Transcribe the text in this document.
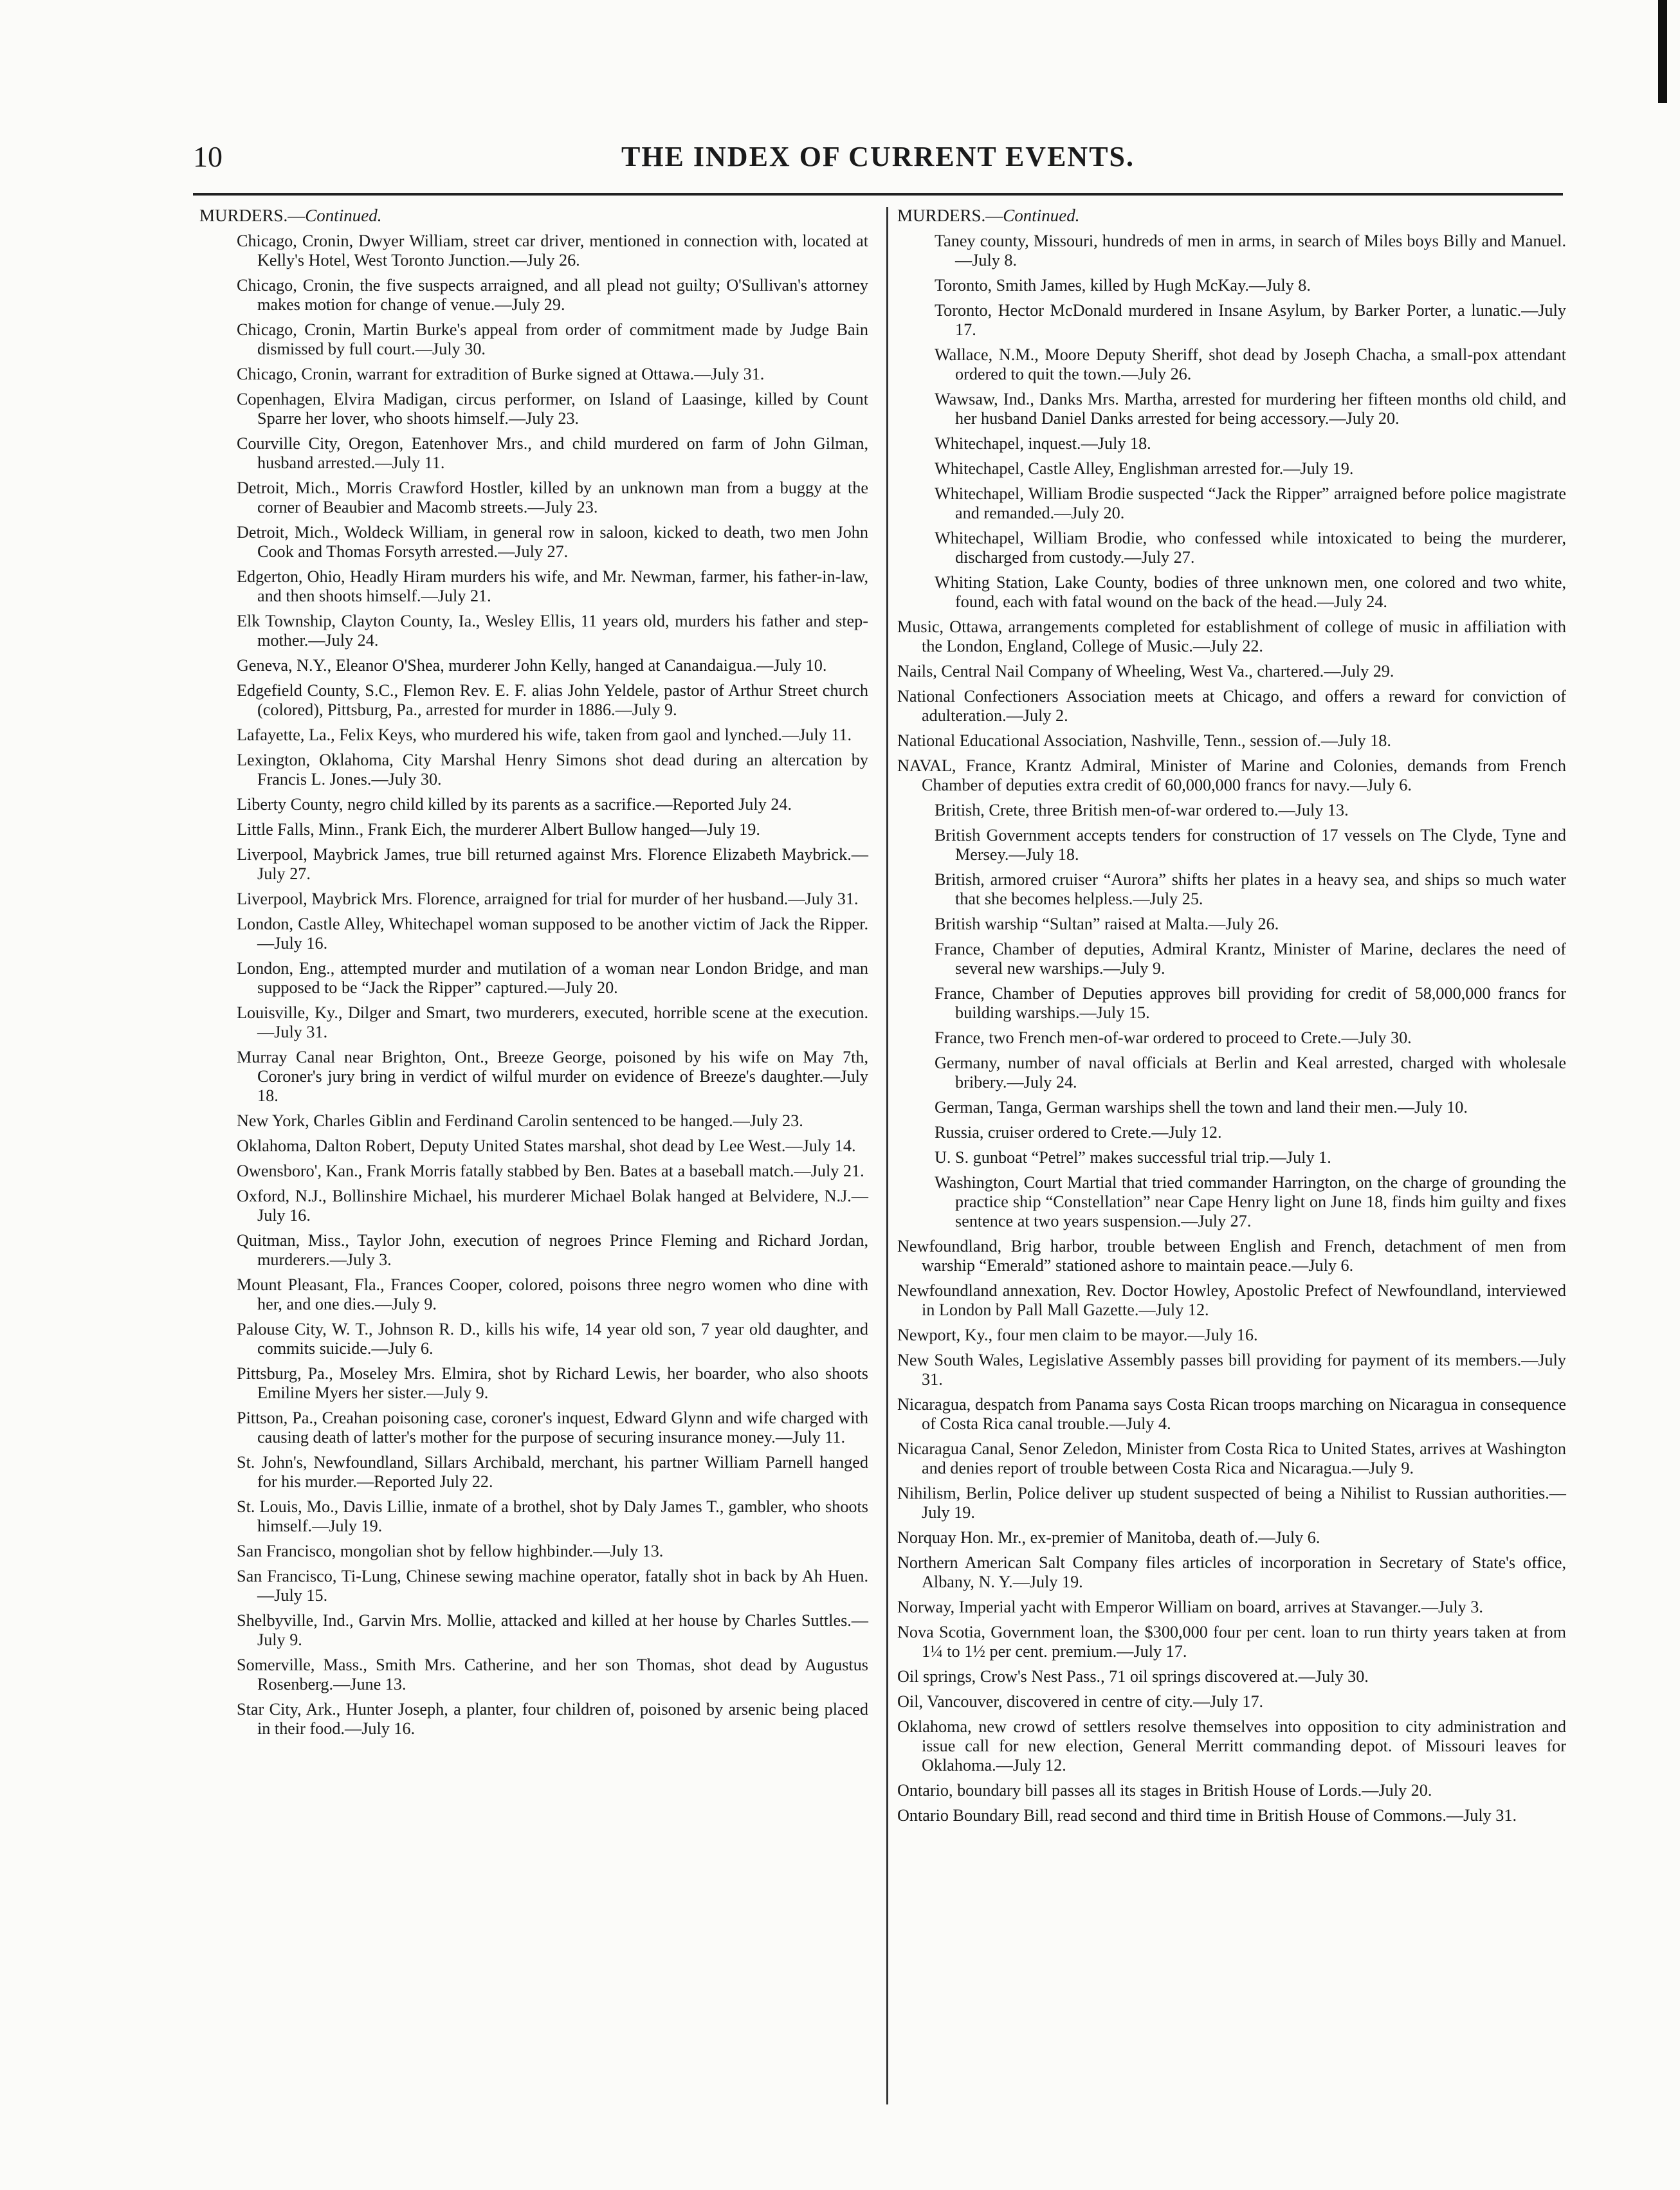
10	THE INDEX OF CURRENT EVENTS.
MURDERS.—Continued.

Chicago, Cronin, Dwyer William, street car driver, mentioned in connection with, located at Kelly's Hotel, West Toronto Junction.—July 26.

Chicago, Cronin, the five suspects arraigned, and all plead not guilty; O'Sullivan's attorney makes motion for change of venue.—July 29.

Chicago, Cronin, Martin Burke's appeal from order of commitment made by Judge Bain dismissed by full court.—July 30.

Chicago, Cronin, warrant for extradition of Burke signed at Ottawa.—July 31.

Copenhagen, Elvira Madigan, circus performer, on Island of Laasinge, killed by Count Sparre her lover, who shoots himself.—July 23.

Courville City, Oregon, Eatenhover Mrs., and child murdered on farm of John Gilman, husband arrested.—July 11.

Detroit, Mich., Morris Crawford Hostler, killed by an unknown man from a buggy at the corner of Beaubier and Macomb streets.—July 23.

Detroit, Mich., Woldeck William, in general row in saloon, kicked to death, two men John Cook and Thomas Forsyth arrested.—July 27.

Edgerton, Ohio, Headly Hiram murders his wife, and Mr. Newman, farmer, his father-in-law, and then shoots himself.—July 21.

Elk Township, Clayton County, Ia., Wesley Ellis, 11 years old, murders his father and step-mother.—July 24.

Geneva, N.Y., Eleanor O'Shea, murderer John Kelly, hanged at Canandaigua.—July 10.

Edgefield County, S.C., Flemon Rev. E. F. alias John Yeldele, pastor of Arthur Street church (colored), Pittsburg, Pa., arrested for murder in 1886.—July 9.

Lafayette, La., Felix Keys, who murdered his wife, taken from gaol and lynched.—July 11.

Lexington, Oklahoma, City Marshal Henry Simons shot dead during an altercation by Francis L. Jones.—July 30.

Liberty County, negro child killed by its parents as a sacrifice.—Reported July 24.

Little Falls, Minn., Frank Eich, the murderer Albert Bullow hanged—July 19.

Liverpool, Maybrick James, true bill returned against Mrs. Florence Elizabeth Maybrick.—July 27.

Liverpool, Maybrick Mrs. Florence, arraigned for trial for murder of her husband.—July 31.

London, Castle Alley, Whitechapel woman supposed to be another victim of Jack the Ripper.—July 16.

London, Eng., attempted murder and mutilation of a woman near London Bridge, and man supposed to be “Jack the Ripper” captured.—July 20.

Louisville, Ky., Dilger and Smart, two murderers, executed, horrible scene at the execution.—July 31.

Murray Canal near Brighton, Ont., Breeze George, poisoned by his wife on May 7th, Coroner's jury bring in verdict of wilful murder on evidence of Breeze's daughter.—July 18.

New York, Charles Giblin and Ferdinand Carolin sentenced to be hanged.—July 23.

Oklahoma, Dalton Robert, Deputy United States marshal, shot dead by Lee West.—July 14.

Owensboro', Kan., Frank Morris fatally stabbed by Ben. Bates at a baseball match.—July 21.

Oxford, N.J., Bollinshire Michael, his murderer Michael Bolak hanged at Belvidere, N.J.—July 16.

Quitman, Miss., Taylor John, execution of negroes Prince Fleming and Richard Jordan, murderers.—July 3.

Mount Pleasant, Fla., Frances Cooper, colored, poisons three negro women who dine with her, and one dies.—July 9.

Palouse City, W. T., Johnson R. D., kills his wife, 14 year old son, 7 year old daughter, and commits suicide.—July 6.

Pittsburg, Pa., Moseley Mrs. Elmira, shot by Richard Lewis, her boarder, who also shoots Emiline Myers her sister.—July 9.

Pittson, Pa., Creahan poisoning case, coroner's inquest, Edward Glynn and wife charged with causing death of latter's mother for the purpose of securing insurance money.—July 11.

St. John's, Newfoundland, Sillars Archibald, merchant, his partner William Parnell hanged for his murder.—Reported July 22.

St. Louis, Mo., Davis Lillie, inmate of a brothel, shot by Daly James T., gambler, who shoots himself.—July 19.

San Francisco, mongolian shot by fellow highbinder.—July 13.

San Francisco, Ti-Lung, Chinese sewing machine operator, fatally shot in back by Ah Huen.—July 15.

Shelbyville, Ind., Garvin Mrs. Mollie, attacked and killed at her house by Charles Suttles.—July 9.

Somerville, Mass., Smith Mrs. Catherine, and her son Thomas, shot dead by Augustus Rosenberg.—June 13.

Star City, Ark., Hunter Joseph, a planter, four children of, poisoned by arsenic being placed in their food.—July 16.

MURDERS.—Continued.

Taney county, Missouri, hundreds of men in arms, in search of Miles boys Billy and Manuel.—July 8.

Toronto, Smith James, killed by Hugh McKay.—July 8.

Toronto, Hector McDonald murdered in Insane Asylum, by Barker Porter, a lunatic.—July 17.

Wallace, N.M., Moore Deputy Sheriff, shot dead by Joseph Chacha, a small-pox attendant ordered to quit the town.—July 26.

Wawsaw, Ind., Danks Mrs. Martha, arrested for murdering her fifteen months old child, and her husband Daniel Danks arrested for being accessory.—July 20.

Whitechapel, inquest.—July 18.

Whitechapel, Castle Alley, Englishman arrested for.—July 19.

Whitechapel, William Brodie suspected “Jack the Ripper” arraigned before police magistrate and remanded.—July 20.

Whitechapel, William Brodie, who confessed while intoxicated to being the murderer, discharged from custody.—July 27.

Whiting Station, Lake County, bodies of three unknown men, one colored and two white, found, each with fatal wound on the back of the head.—July 24.

Music, Ottawa, arrangements completed for establishment of college of music in affiliation with the London, England, College of Music.—July 22.

Nails, Central Nail Company of Wheeling, West Va., chartered.—July 29.

National Confectioners Association meets at Chicago, and offers a reward for conviction of adulteration.—July 2.

National Educational Association, Nashville, Tenn., session of.—July 18.

NAVAL, France, Krantz Admiral, Minister of Marine and Colonies, demands from French Chamber of deputies extra credit of 60,000,000 francs for navy.—July 6.

British, Crete, three British men-of-war ordered to.—July 13.

British Government accepts tenders for construction of 17 vessels on The Clyde, Tyne and Mersey.—July 18.

British, armored cruiser “Aurora” shifts her plates in a heavy sea, and ships so much water that she becomes helpless.—July 25.

British warship “Sultan” raised at Malta.—July 26.

France, Chamber of deputies, Admiral Krantz, Minister of Marine, declares the need of several new warships.—July 9.

France, Chamber of Deputies approves bill providing for credit of 58,000,000 francs for building warships.—July 15.

France, two French men-of-war ordered to proceed to Crete.—July 30.

Germany, number of naval officials at Berlin and Keal arrested, charged with wholesale bribery.—July 24.

German, Tanga, German warships shell the town and land their men.—July 10.

Russia, cruiser ordered to Crete.—July 12.

U. S. gunboat “Petrel” makes successful trial trip.—July 1.

Washington, Court Martial that tried commander Harrington, on the charge of grounding the practice ship “Constellation” near Cape Henry light on June 18, finds him guilty and fixes sentence at two years suspension.—July 27.

Newfoundland, Brig harbor, trouble between English and French, detachment of men from warship “Emerald” stationed ashore to maintain peace.—July 6.

Newfoundland annexation, Rev. Doctor Howley, Apostolic Prefect of Newfoundland, interviewed in London by Pall Mall Gazette.—July 12.

Newport, Ky., four men claim to be mayor.—July 16.

New South Wales, Legislative Assembly passes bill providing for payment of its members.—July 31.

Nicaragua, despatch from Panama says Costa Rican troops marching on Nicaragua in consequence of Costa Rica canal trouble.—July 4.

Nicaragua Canal, Senor Zeledon, Minister from Costa Rica to United States, arrives at Washington and denies report of trouble between Costa Rica and Nicaragua.—July 9.

Nihilism, Berlin, Police deliver up student suspected of being a Nihilist to Russian authorities.—July 19.

Norquay Hon. Mr., ex-premier of Manitoba, death of.—July 6.

Northern American Salt Company files articles of incorporation in Secretary of State's office, Albany, N. Y.—July 19.

Norway, Imperial yacht with Emperor William on board, arrives at Stavanger.—July 3.

Nova Scotia, Government loan, the $300,000 four per cent. loan to run thirty years taken at from 1¼ to 1½ per cent. premium.—July 17.

Oil springs, Crow's Nest Pass., 71 oil springs discovered at.—July 30.

Oil, Vancouver, discovered in centre of city.—July 17.

Oklahoma, new crowd of settlers resolve themselves into opposition to city administration and issue call for new election, General Merritt commanding depot. of Missouri leaves for Oklahoma.—July 12.

Ontario, boundary bill passes all its stages in British House of Lords.—July 20.

Ontario Boundary Bill, read second and third time in British House of Commons.—July 31.
